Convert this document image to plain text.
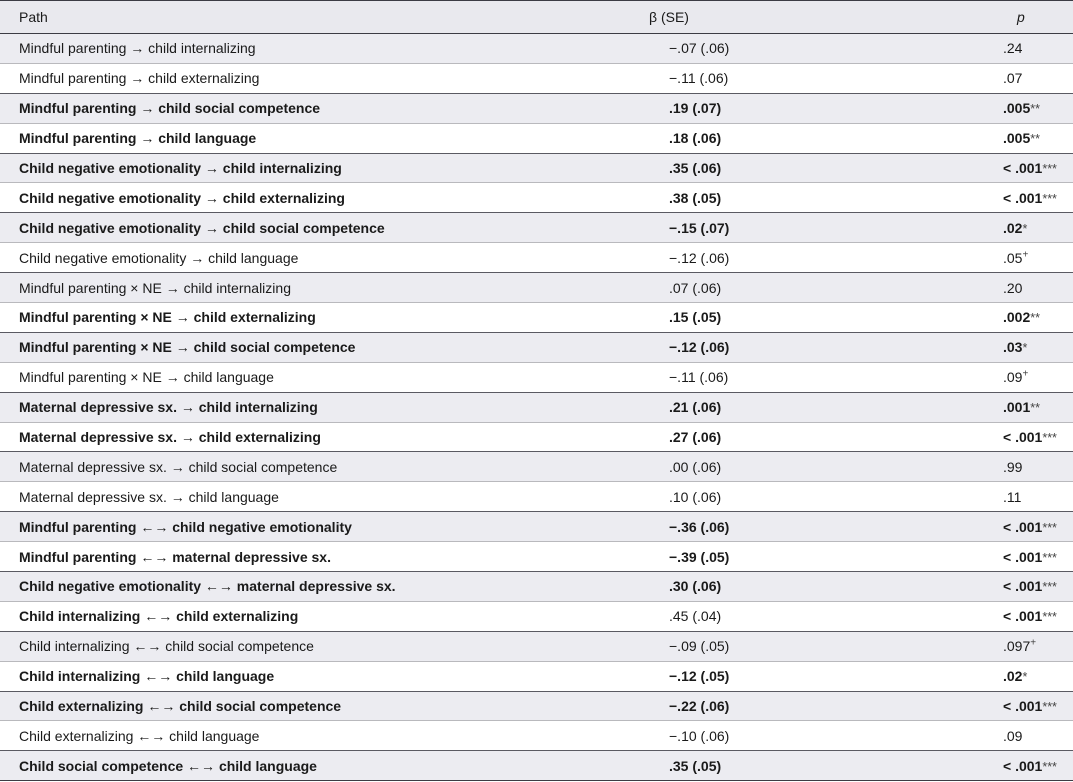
Path	β (SE)	p
Mindful parenting → child internalizing	−.07 (.06)	.24
Mindful parenting → child externalizing	−.11 (.06)	.07
Mindful parenting → child social competence	.19 (.07)	.005**
Mindful parenting → child language	.18 (.06)	.005**
Child negative emotionality → child internalizing	.35 (.06)	< .001***
Child negative emotionality → child externalizing	.38 (.05)	< .001***
Child negative emotionality → child social competence	−.15 (.07)	.02*
Child negative emotionality → child language	−.12 (.06)	.05+
Mindful parenting × NE → child internalizing	.07 (.06)	.20
Mindful parenting × NE → child externalizing	.15 (.05)	.002**
Mindful parenting × NE → child social competence	−.12 (.06)	.03*
Mindful parenting × NE → child language	−.11 (.06)	.09+
Maternal depressive sx. → child internalizing	.21 (.06)	.001**
Maternal depressive sx. → child externalizing	.27 (.06)	< .001***
Maternal depressive sx. → child social competence	.00 (.06)	.99
Maternal depressive sx. → child language	.10 (.06)	.11
Mindful parenting ←→ child negative emotionality	−.36 (.06)	< .001***
Mindful parenting ←→ maternal depressive sx.	−.39 (.05)	< .001***
Child negative emotionality ←→ maternal depressive sx.	.30 (.06)	< .001***
Child internalizing ←→ child externalizing	.45 (.04)	< .001***
Child internalizing ←→ child social competence	−.09 (.05)	.097+
Child internalizing ←→ child language	−.12 (.05)	.02*
Child externalizing ←→ child social competence	−.22 (.06)	< .001***
Child externalizing ←→ child language	−.10 (.06)	.09
Child social competence ←→ child language	.35 (.05)	< .001***
